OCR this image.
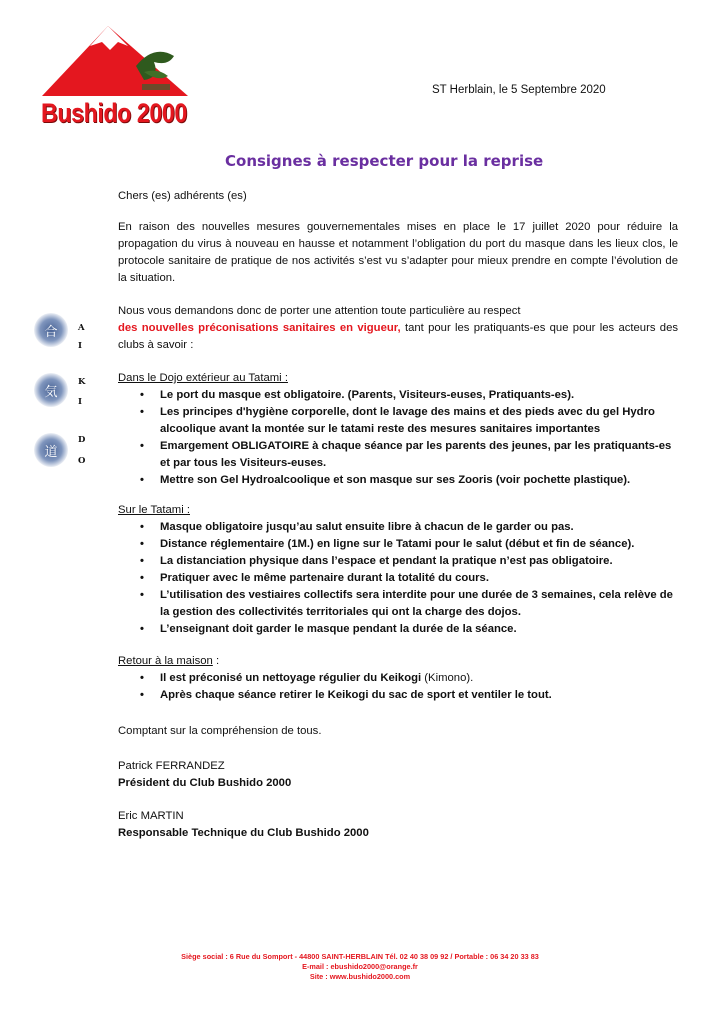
Bushido 2000
ST Herblain, le 5 Septembre 2020
Consignes à respecter pour la reprise
Chers (es) adhérents (es)
En raison des nouvelles mesures gouvernementales mises en place le 17 juillet 2020 pour réduire la propagation du virus à nouveau en hausse et notamment l’obligation du port du masque dans les lieux clos, le protocole sanitaire de pratique de nos activités s’est vu s’adapter pour mieux prendre en compte l’évolution de la situation.
Nous vous demandons donc de porter une attention toute particulière au respect
des nouvelles préconisations sanitaires en vigueur, tant pour les pratiquants-es que pour les acteurs des clubs à savoir :
Dans le Dojo extérieur au Tatami :
• Le port du masque est obligatoire. (Parents, Visiteurs-euses, Pratiquants-es).
• Les principes d'hygiène corporelle, dont le lavage des mains et des pieds avec du gel Hydro alcoolique avant la montée sur le tatami reste des mesures sanitaires importantes
• Emargement OBLIGATOIRE à chaque séance par les parents des jeunes, par les pratiquants-es et par tous les Visiteurs-euses.
• Mettre son Gel Hydroalcoolique et son masque sur ses Zooris (voir pochette plastique).
Sur le Tatami :
• Masque obligatoire jusqu’au salut ensuite libre à chacun de le garder ou pas.
• Distance réglementaire (1M.) en ligne sur le Tatami pour le salut (début et fin de séance).
• La distanciation physique dans l’espace et pendant la pratique n’est pas obligatoire.
• Pratiquer avec le même partenaire durant la totalité du cours.
• L’utilisation des vestiaires collectifs sera interdite pour une durée de 3 semaines, cela relève de la gestion des collectivités territoriales qui ont la charge des dojos.
• L’enseignant doit garder le masque pendant la durée de la séance.
Retour à la maison :
• Il est préconisé un nettoyage régulier du Keikogi (Kimono).
• Après chaque séance retirer le Keikogi du sac de sport et ventiler le tout.
Comptant sur la compréhension de tous.
Patrick FERRANDEZ
Président du Club Bushido 2000
Eric MARTIN
Responsable Technique du Club Bushido 2000
合
気
道
A
I
K
I
D
O
Siège social : 6 Rue du Somport - 44800 SAINT-HERBLAIN Tél. 02 40 38 09 92 / Portable : 06 34 20 33 83
E-mail : ebushido2000@orange.fr
Site : www.bushido2000.com
